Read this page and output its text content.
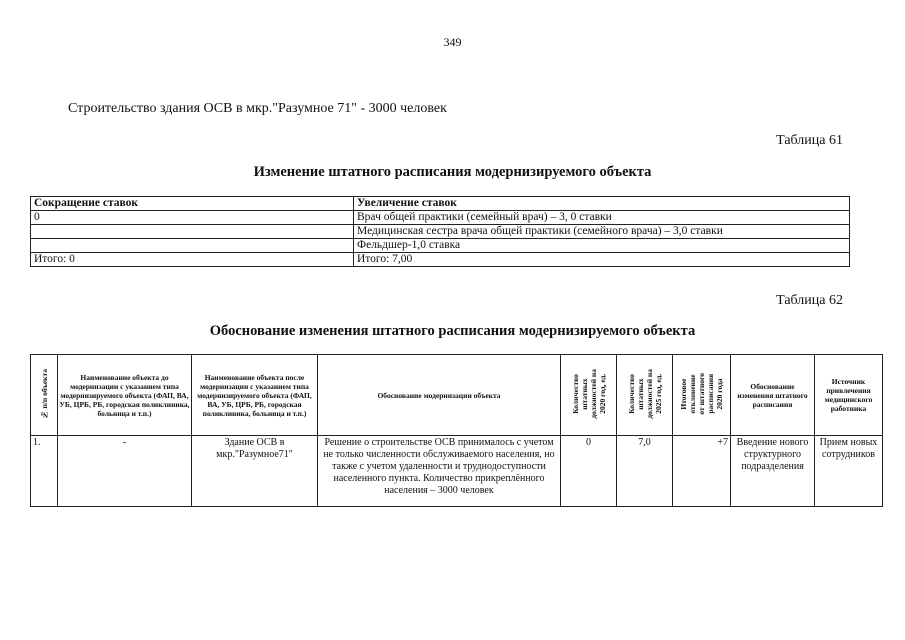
349
Строительство здания ОСВ в мкр."Разумное 71" - 3000 человек
Таблица 61
Изменение штатного расписания модернизируемого объекта
Сокращение ставок	Увеличение ставок
0	Врач общей практики (семейный врач) – 3, 0 ставки
	Медицинская сестра врача общей практики (семейного врача) – 3,0 ставки
	Фельдшер-1,0 ставка
Итого: 0	Итого: 7,00
Таблица 62
Обоснование изменения штатного расписания модернизируемого объекта
№ п/п объекта	Наименование объекта до модернизации с указанием типа модернизируемого объекта (ФАП, ВА, УБ, ЦРБ, РБ, городская поликлиника, больница и т.п.)	Наименование объекта после модернизации с указанием типа модернизируемого объекта (ФАП, ВА, УБ, ЦРБ, РБ, городская поликлиника, больница и т.п.)	Обоснование модернизации объекта	Количество
штатных
должностей на
2020 год, ед.	Количество
штатных
должностей на
2025 год, ед.	Итоговое
отклонение
от штатного
расписания
2020 года	Обоснование изменения штатного расписания	Источник привлечения медицинского работника
1.	-	Здание ОСВ в мкр."Разумное71"	Решение о строительстве ОСВ принималось с учетом не только численности обслуживаемого населения, но также с учетом удаленности и труднодоступности населенного пункта. Количество прикреплённого населения – 3000 человек	0	7,0	+7	Введение нового структурного подразделения	Прием новых сотрудников
